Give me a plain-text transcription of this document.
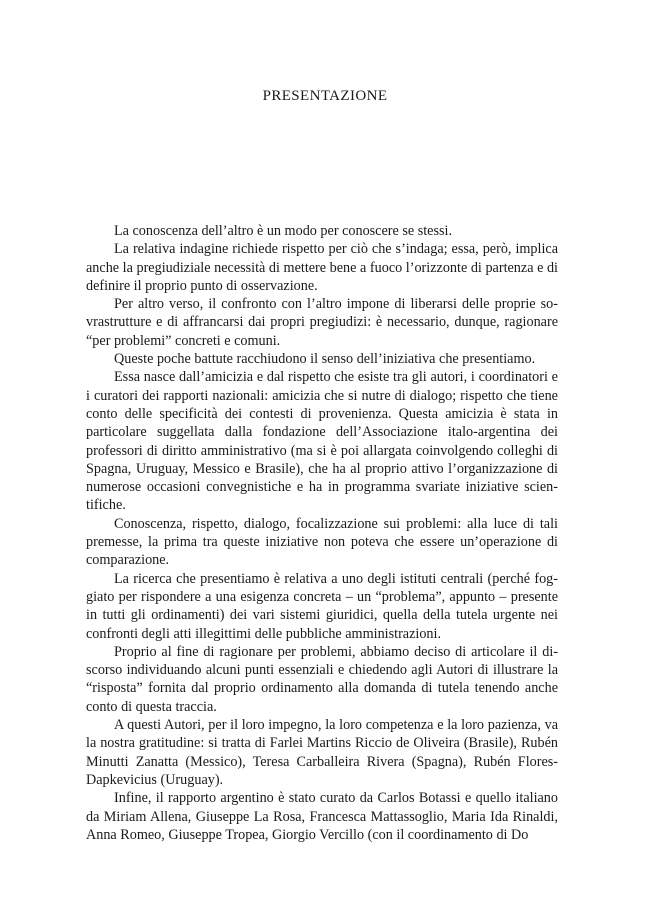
PRESENTAZIONE

La conoscenza dell’altro è un modo per conoscere se stessi.

La relativa indagine richiede rispetto per ciò che s’indaga; essa, però, implica anche la pregiudiziale necessità di mettere bene a fuoco l’orizzonte di partenza e di definire il proprio punto di osservazione.

Per altro verso, il confronto con l’altro impone di liberarsi delle proprie sovrastrutture e di affrancarsi dai propri pregiudizi: è necessario, dunque, ragionare “per problemi” concreti e comuni.

Queste poche battute racchiudono il senso dell’iniziativa che presentiamo.

Essa nasce dall’amicizia e dal rispetto che esiste tra gli autori, i coordinatori e i curatori dei rapporti nazionali: amicizia che si nutre di dialogo; rispetto che tiene conto delle specificità dei contesti di provenienza. Questa amicizia è stata in particolare suggellata dalla fondazione dell’Associazione italo-argentina dei professori di diritto amministrativo (ma si è poi allargata coinvolgendo colleghi di Spagna, Uruguay, Messico e Brasile), che ha al proprio attivo l’organizzazione di numerose occasioni convegnistiche e ha in programma svariate iniziative scientifiche.

Conoscenza, rispetto, dialogo, focalizzazione sui problemi: alla luce di tali premesse, la prima tra queste iniziative non poteva che essere un’operazione di comparazione.

La ricerca che presentiamo è relativa a uno degli istituti centrali (perché foggiato per rispondere a una esigenza concreta – un “problema”, appunto – presente in tutti gli ordinamenti) dei vari sistemi giuridici, quella della tutela urgente nei confronti degli atti illegittimi delle pubbliche amministrazioni.

Proprio al fine di ragionare per problemi, abbiamo deciso di articolare il discorso individuando alcuni punti essenziali e chiedendo agli Autori di illustrare la “risposta” fornita dal proprio ordinamento alla domanda di tutela tenendo anche conto di questa traccia.

A questi Autori, per il loro impegno, la loro competenza e la loro pazienza, va la nostra gratitudine: si tratta di Farlei Martins Riccio de Oliveira (Brasile), Rubén Minutti Zanatta (Messico), Teresa Carballeira Rivera (Spagna), Rubén Flores-Dapkevicius (Uruguay).

Infine, il rapporto argentino è stato curato da Carlos Botassi e quello italiano da Miriam Allena, Giuseppe La Rosa, Francesca Mattassoglio, Maria Ida Rinaldi, Anna Romeo, Giuseppe Tropea, Giorgio Vercillo (con il coordinamento di Do
